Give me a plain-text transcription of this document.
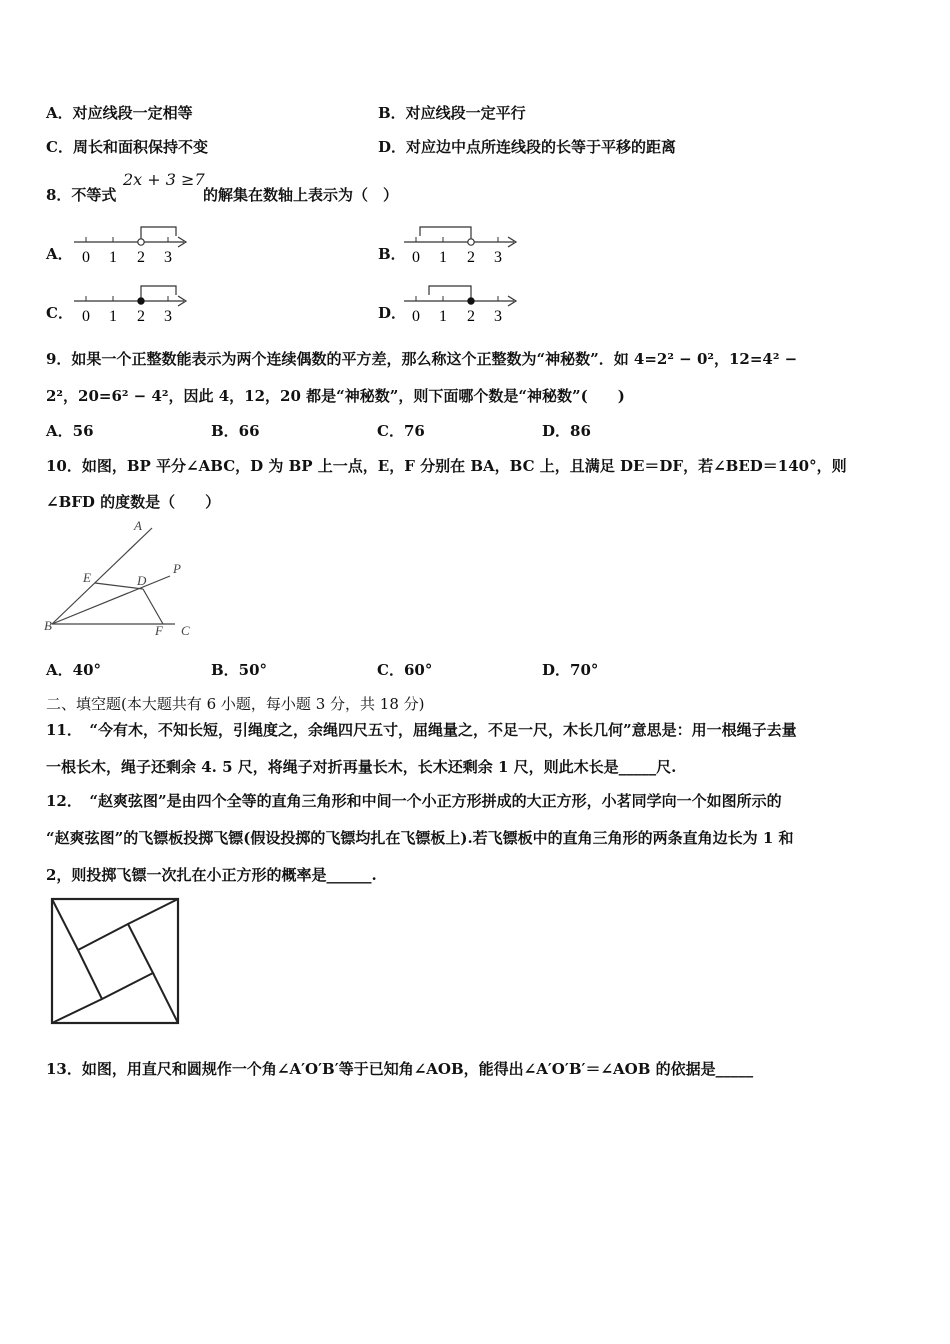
A．对应线段一定相等	B．对应线段一定平行
C．周长和面积保持不变	D．对应边中点所连线段的长等于平移的距离
8．不等式
2x + 3 ≥7
的解集在数轴上表示为（　）
A．	B．
C．	D．
0 1 2 3	0 1 2 3
0 1 2 3	0 1 2 3
9．如果一个正整数能表示为两个连续偶数的平方差，那么称这个正整数为“神秘数”．如 4=2² − 0²，12=4² −
2²，20=6² − 4²，因此 4，12，20 都是“神秘数”，则下面哪个数是“神秘数”(　　)
A．56	B．66	C．76	D．86
10．如图，BP 平分∠ABC，D 为 BP 上一点，E，F 分别在 BA，BC 上，且满足 DE＝DF，若∠BED＝140°，则
∠BFD 的度数是（　　）
A
P
E	D
B	F C
A．40°	B．50°	C．60°	D．70°
二、填空题(本大题共有 6 小题，每小题 3 分，共 18 分)
11．　“今有木，不知长短，引绳度之，余绳四尺五寸，屈绳量之，不足一尺，木长几何”意思是：用一根绳子去量
一根长木，绳子还剩余 4. 5 尺，将绳子对折再量长木，长木还剩余 1 尺，则此木长是_____尺.
12．　“赵爽弦图”是由四个全等的直角三角形和中间一个小正方形拼成的大正方形，小茗同学向一个如图所示的
“赵爽弦图”的飞镖板投掷飞镖(假设投掷的飞镖均扎在飞镖板上).若飞镖板中的直角三角形的两条直角边长为 1 和
2，则投掷飞镖一次扎在小正方形的概率是______.
13．如图，用直尺和圆规作一个角∠A′O′B′等于已知角∠AOB，能得出∠A′O′B′＝∠AOB 的依据是_____
